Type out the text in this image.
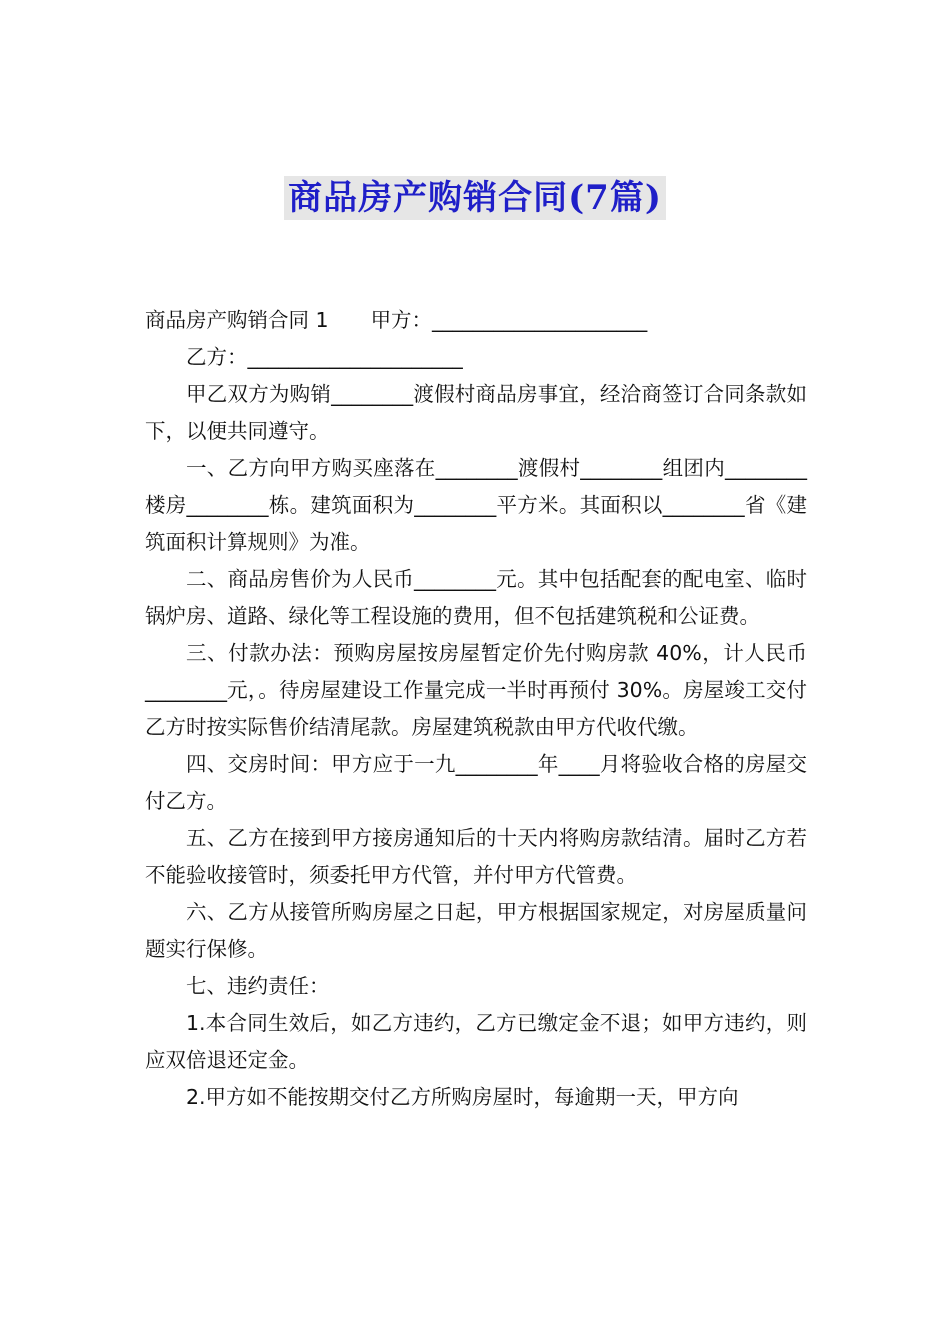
商品房产购销合同(7篇)

商品房产购销合同 1 甲方：_____________________

乙方：_____________________

甲乙双方为购销________渡假村商品房事宜，经洽商签订合同条款如下，以便共同遵守。

一、乙方向甲方购买座落在________渡假村________组团内________楼房________栋。建筑面积为________平方米。其面积以________省《建筑面积计算规则》为准。

二、商品房售价为人民币________元。其中包括配套的配电室、临时锅炉房、道路、绿化等工程设施的费用，但不包括建筑税和公证费。

三、付款办法：预购房屋按房屋暂定价先付购房款 40%，计人民币________元，。待房屋建设工作量完成一半时再预付 30%。房屋竣工交付乙方时按实际售价结清尾款。房屋建筑税款由甲方代收代缴。

四、交房时间：甲方应于一九________年____月将验收合格的房屋交付乙方。

五、乙方在接到甲方接房通知后的十天内将购房款结清。届时乙方若不能验收接管时，须委托甲方代管，并付甲方代管费。

六、乙方从接管所购房屋之日起，甲方根据国家规定，对房屋质量问题实行保修。

七、违约责任：

1.本合同生效后，如乙方违约，乙方已缴定金不退；如甲方违约，则应双倍退还定金。

2.甲方如不能按期交付乙方所购房屋时，每逾期一天，甲方向
